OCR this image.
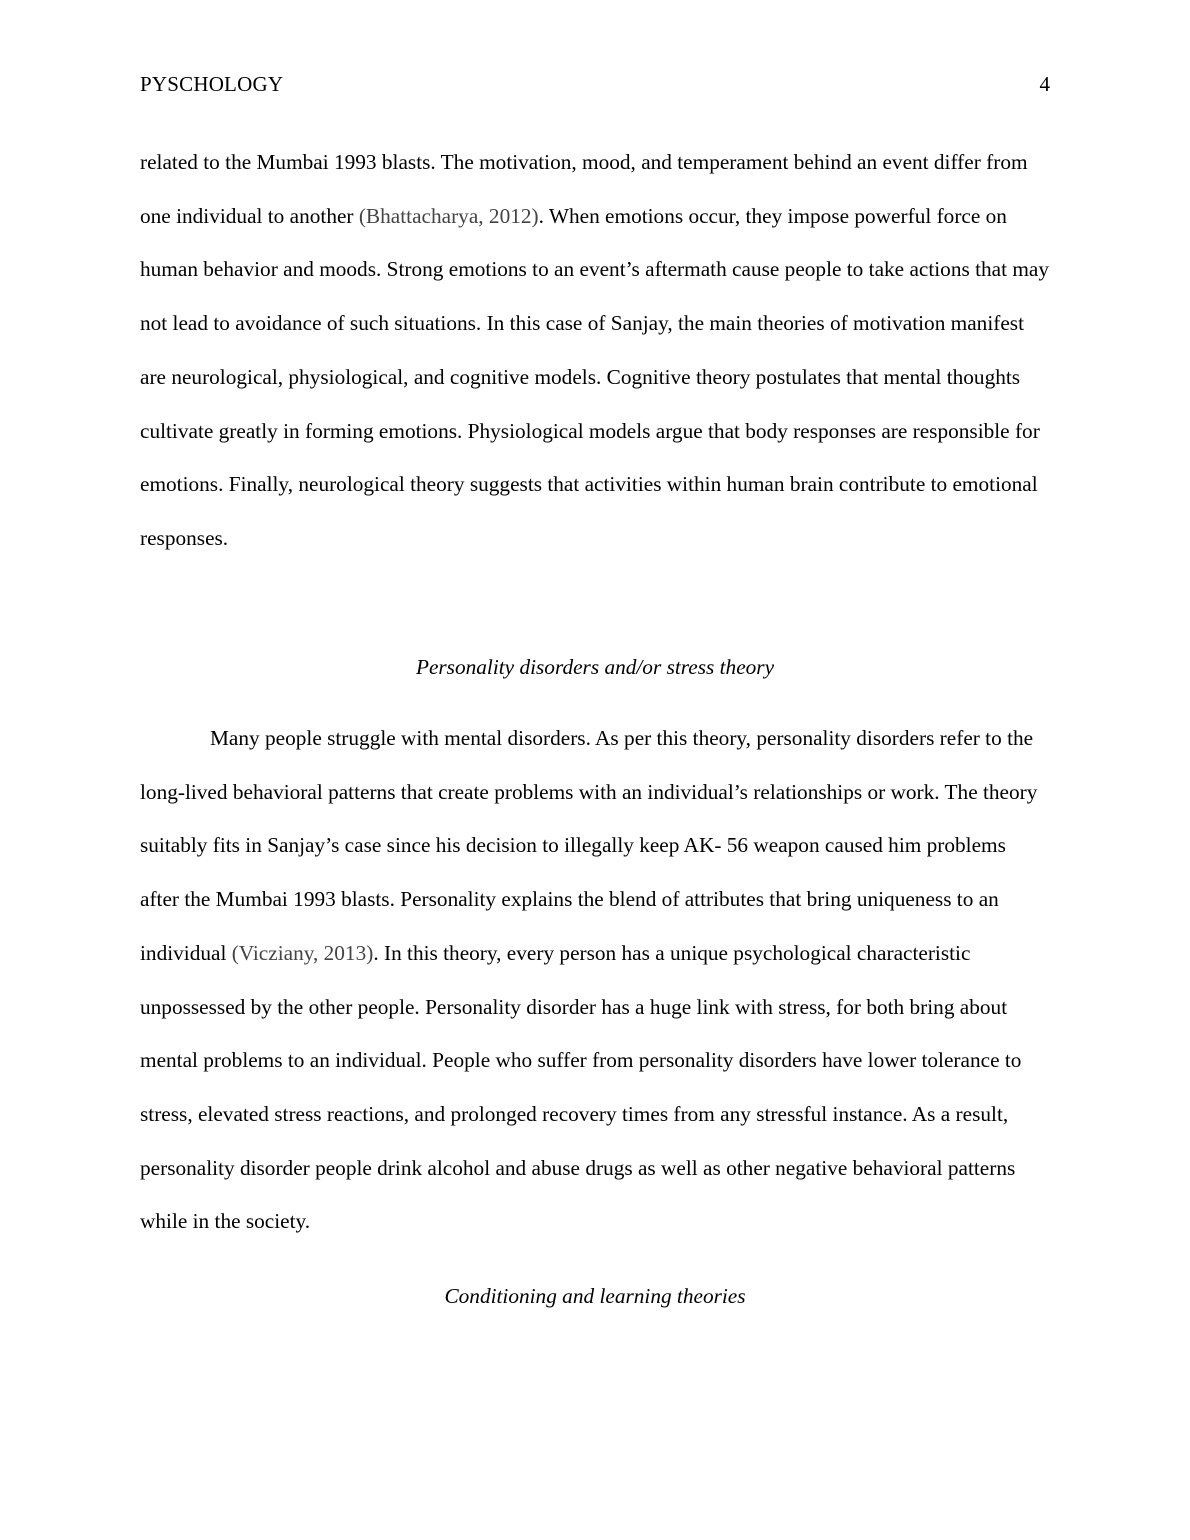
PYSCHOLOGY	4

related to the Mumbai 1993 blasts. The motivation, mood, and temperament behind an event differ from one individual to another (Bhattacharya, 2012). When emotions occur, they impose powerful force on human behavior and moods. Strong emotions to an event’s aftermath cause people to take actions that may not lead to avoidance of such situations. In this case of Sanjay, the main theories of motivation manifest are neurological, physiological, and cognitive models. Cognitive theory postulates that mental thoughts cultivate greatly in forming emotions. Physiological models argue that body responses are responsible for emotions. Finally, neurological theory suggests that activities within human brain contribute to emotional responses.

Personality disorders and/or stress theory

Many people struggle with mental disorders. As per this theory, personality disorders refer to the long-lived behavioral patterns that create problems with an individual’s relationships or work. The theory suitably fits in Sanjay’s case since his decision to illegally keep AK- 56 weapon caused him problems after the Mumbai 1993 blasts. Personality explains the blend of attributes that bring uniqueness to an individual (Vicziany, 2013). In this theory, every person has a unique psychological characteristic unpossessed by the other people. Personality disorder has a huge link with stress, for both bring about mental problems to an individual. People who suffer from personality disorders have lower tolerance to stress, elevated stress reactions, and prolonged recovery times from any stressful instance. As a result, personality disorder people drink alcohol and abuse drugs as well as other negative behavioral patterns while in the society.

Conditioning and learning theories
